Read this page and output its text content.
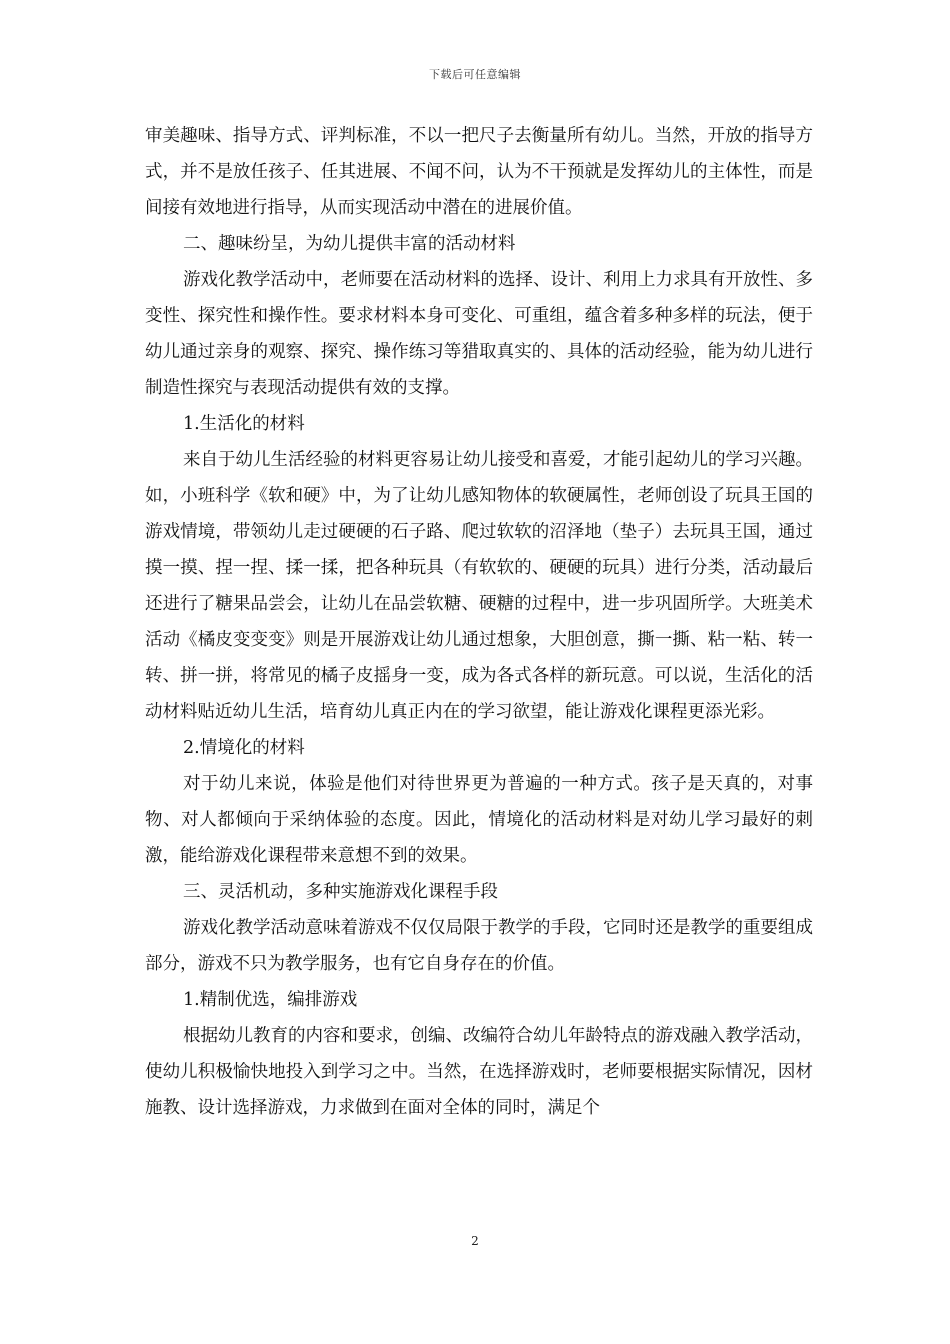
下载后可任意编辑

审美趣味、指导方式、评判标准，不以一把尺子去衡量所有幼儿。当然，开放的指导方式，并不是放任孩子、任其进展、不闻不问，认为不干预就是发挥幼儿的主体性，而是间接有效地进行指导，从而实现活动中潜在的进展价值。

二、趣味纷呈，为幼儿提供丰富的活动材料

游戏化教学活动中，老师要在活动材料的选择、设计、利用上力求具有开放性、多变性、探究性和操作性。要求材料本身可变化、可重组，蕴含着多种多样的玩法，便于幼儿通过亲身的观察、探究、操作练习等猎取真实的、具体的活动经验，能为幼儿进行制造性探究与表现活动提供有效的支撑。

1.生活化的材料

来自于幼儿生活经验的材料更容易让幼儿接受和喜爱，才能引起幼儿的学习兴趣。如，小班科学《软和硬》中，为了让幼儿感知物体的软硬属性，老师创设了玩具王国的游戏情境，带领幼儿走过硬硬的石子路、爬过软软的沼泽地（垫子）去玩具王国，通过摸一摸、捏一捏、揉一揉，把各种玩具（有软软的、硬硬的玩具）进行分类，活动最后还进行了糖果品尝会，让幼儿在品尝软糖、硬糖的过程中，进一步巩固所学。大班美术活动《橘皮变变变》则是开展游戏让幼儿通过想象，大胆创意，撕一撕、粘一粘、转一转、拼一拼，将常见的橘子皮摇身一变，成为各式各样的新玩意。可以说，生活化的活动材料贴近幼儿生活，培育幼儿真正内在的学习欲望，能让游戏化课程更添光彩。

2.情境化的材料

对于幼儿来说，体验是他们对待世界更为普遍的一种方式。孩子是天真的，对事物、对人都倾向于采纳体验的态度。因此，情境化的活动材料是对幼儿学习最好的刺激，能给游戏化课程带来意想不到的效果。

三、灵活机动，多种实施游戏化课程手段

游戏化教学活动意味着游戏不仅仅局限于教学的手段，它同时还是教学的重要组成部分，游戏不只为教学服务，也有它自身存在的价值。

1.精制优选，编排游戏

根据幼儿教育的内容和要求，创编、改编符合幼儿年龄特点的游戏融入教学活动，使幼儿积极愉快地投入到学习之中。当然，在选择游戏时，老师要根据实际情况，因材施教、设计选择游戏，力求做到在面对全体的同时，满足个

2
